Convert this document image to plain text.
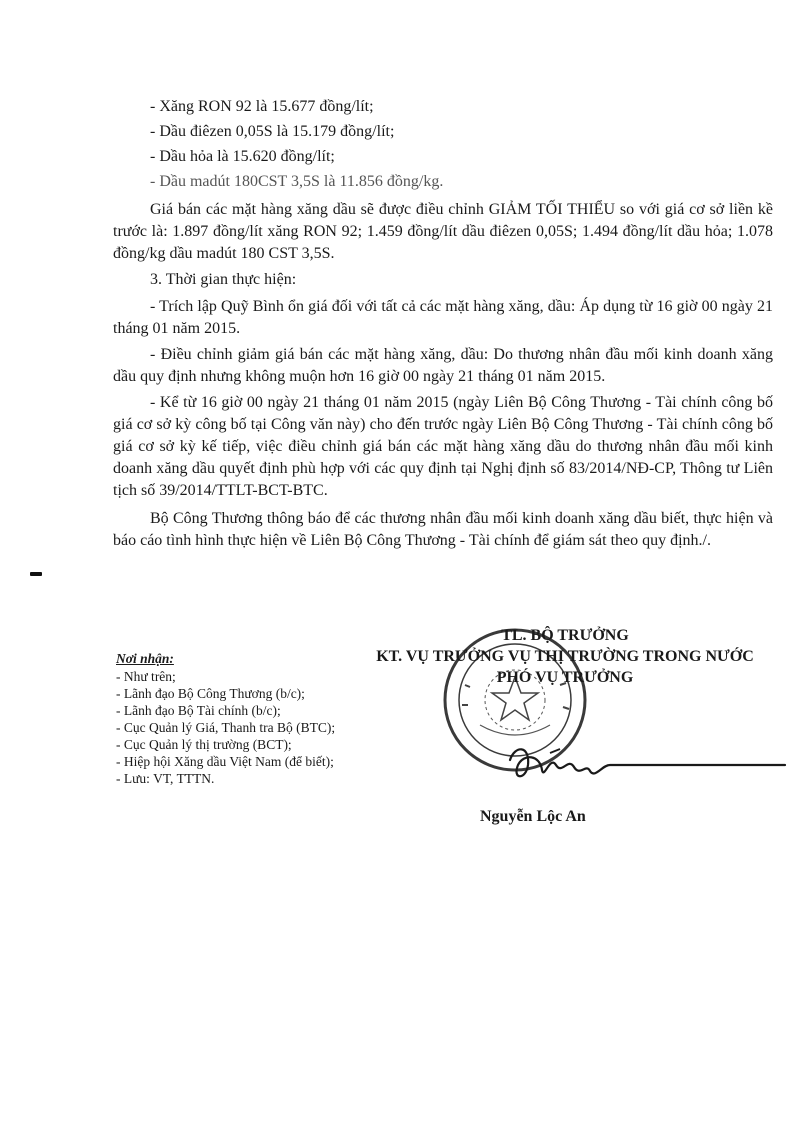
- Xăng RON 92 là 15.677 đồng/lít;

- Dầu điêzen 0,05S là 15.179 đồng/lít;

- Dầu hỏa là 15.620 đồng/lít;

- Dầu madút 180CST 3,5S là 11.856 đồng/kg.

Giá bán các mặt hàng xăng dầu sẽ được điều chỉnh GIẢM TỐI THIỂU so với giá cơ sở liền kề trước là: 1.897 đồng/lít xăng RON 92; 1.459 đồng/lít dầu điêzen 0,05S; 1.494 đồng/lít dầu hỏa; 1.078 đồng/kg dầu madút 180 CST 3,5S.

3. Thời gian thực hiện:

- Trích lập Quỹ Bình ổn giá đối với tất cả các mặt hàng xăng, dầu: Áp dụng từ 16 giờ 00 ngày 21 tháng 01 năm 2015.

- Điều chỉnh giảm giá bán các mặt hàng xăng, dầu: Do thương nhân đầu mối kinh doanh xăng dầu quy định nhưng không muộn hơn 16 giờ 00 ngày 21 tháng 01 năm 2015.

- Kể từ 16 giờ 00 ngày 21 tháng 01 năm 2015 (ngày Liên Bộ Công Thương - Tài chính công bố giá cơ sở kỳ công bố tại Công văn này) cho đến trước ngày Liên Bộ Công Thương - Tài chính công bố giá cơ sở kỳ kế tiếp, việc điều chỉnh giá bán các mặt hàng xăng dầu do thương nhân đầu mối kinh doanh xăng dầu quyết định phù hợp với các quy định tại Nghị định số 83/2014/NĐ-CP, Thông tư Liên tịch số 39/2014/TTLT-BCT-BTC.

Bộ Công Thương thông báo để các thương nhân đầu mối kinh doanh xăng dầu biết, thực hiện và báo cáo tình hình thực hiện về Liên Bộ Công Thương - Tài chính để giám sát theo quy định./.

Nơi nhận:
- Như trên;
- Lãnh đạo Bộ Công Thương (b/c);
- Lãnh đạo Bộ Tài chính (b/c);
- Cục Quản lý Giá, Thanh tra Bộ (BTC);
- Cục Quản lý thị trường (BCT);
- Hiệp hội Xăng dầu Việt Nam (để biết);
- Lưu: VT, TTTN.

TL. BỘ TRƯỞNG

KT. VỤ TRƯỞNG VỤ THỊ TRƯỜNG TRONG NƯỚC

PHÓ VỤ TRƯỞNG

Nguyễn Lộc An
